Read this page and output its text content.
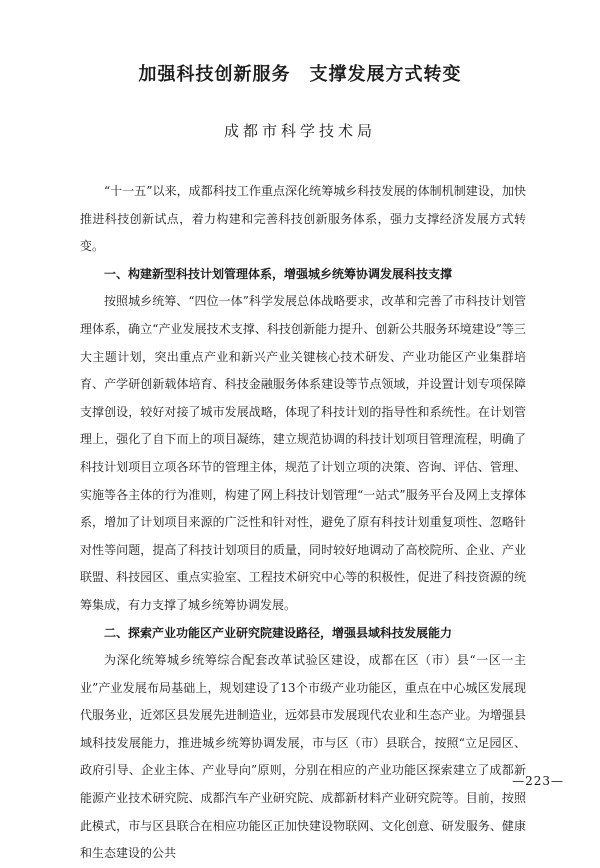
加强科技创新服务　支撑发展方式转变
成都市科学技术局

“十一五”以来，成都科技工作重点深化统筹城乡科技发展的体制机制建设，加快推进科技创新试点，着力构建和完善科技创新服务体系，强力支撑经济发展方式转变。

一、构建新型科技计划管理体系，增强城乡统筹协调发展科技支撑

按照城乡统筹、“四位一体”科学发展总体战略要求，改革和完善了市科技计划管理体系，确立“产业发展技术支撑、科技创新能力提升、创新公共服务环境建设”等三大主题计划，突出重点产业和新兴产业关键核心技术研发、产业功能区产业集群培育、产学研创新载体培育、科技金融服务体系建设等节点领域，并设置计划专项保障支撑创设，较好对接了城市发展战略，体现了科技计划的指导性和系统性。在计划管理上，强化了自下而上的项目凝练，建立规范协调的科技计划项目管理流程，明确了科技计划项目立项各环节的管理主体，规范了计划立项的决策、咨询、评估、管理、实施等各主体的行为准则，构建了网上科技计划管理“一站式”服务平台及网上支撑体系，增加了计划项目来源的广泛性和针对性，避免了原有科技计划重复项性、忽略针对性等问题，提高了科技计划项目的质量，同时较好地调动了高校院所、企业、产业联盟、科技园区、重点实验室、工程技术研究中心等的积极性，促进了科技资源的统筹集成，有力支撑了城乡统筹协调发展。

二、探索产业功能区产业研究院建设路径，增强县域科技发展能力

为深化统筹城乡统筹综合配套改革试验区建设，成都在区（市）县“一区一主业”产业发展布局基础上，规划建设了13个市级产业功能区，重点在中心城区发展现代服务业，近郊区县发展先进制造业，远郊县市发展现代农业和生态产业。为增强县域科技发展能力，推进城乡统筹协调发展，市与区（市）县联合，按照“立足园区、政府引导、企业主体、产业导向”原则，分别在相应的产业功能区探索建立了成都新能源产业技术研究院、成都汽车产业研究院、成都新材料产业研究院等。目前，按照此模式，市与区县联合在相应功能区正加快建设物联网、文化创意、研发服务、健康和生态建设的公共

—223—
